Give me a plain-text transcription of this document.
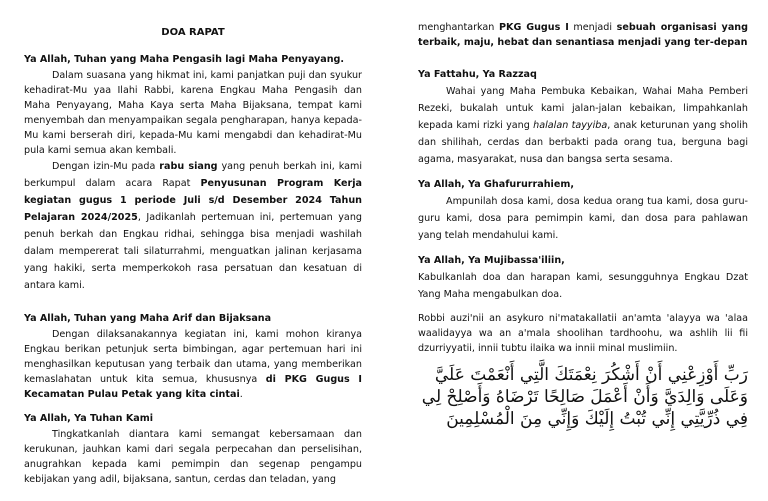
DOA RAPAT

Ya Allah, Tuhan yang Maha Pengasih lagi Maha Penyayang.

Dalam suasana yang hikmat ini, kami panjatkan puji dan syukur kehadirat-Mu yaa Ilahi Rabbi, karena Engkau Maha Pengasih dan Maha Penyayang, Maha Kaya serta Maha Bijaksana, tempat kami menyembah dan menyampaikan segala pengharapan, hanya kepada-Mu kami berserah diri, kepada-Mu kami mengabdi dan kehadirat-Mu pula kami semua akan kembali.

Dengan izin-Mu pada rabu siang yang penuh berkah ini, kami berkumpul dalam acara Rapat Penyusunan Program Kerja kegiatan gugus 1 periode Juli s/d Desember 2024 Tahun Pelajaran 2024/2025, Jadikanlah pertemuan ini, pertemuan yang penuh berkah dan Engkau ridhai, sehingga bisa menjadi washilah dalam mempererat tali silaturrahmi, menguatkan jalinan kerjasama yang hakiki, serta memperkokoh rasa persatuan dan kesatuan di antara kami.

Ya Allah, Tuhan yang Maha Arif dan Bijaksana

Dengan dilaksanakannya kegiatan ini, kami mohon kiranya Engkau berikan petunjuk serta bimbingan, agar pertemuan hari ini menghasilkan keputusan yang terbaik dan utama, yang memberikan kemaslahatan untuk kita semua, khususnya di PKG Gugus I Kecamatan Pulau Petak yang kita cintai.

Ya Allah, Ya Tuhan Kami

Tingkatkanlah diantara kami semangat kebersamaan dan kerukunan, jauhkan kami dari segala perpecahan dan perselisihan, anugrahkan kepada kami pemimpin dan segenap pengampu kebijakan yang adil, bijaksana, santun, cerdas dan teladan, yang

menghantarkan PKG Gugus I menjadi sebuah organisasi yang terbaik, maju, hebat dan senantiasa menjadi yang ter-depan

Ya Fattahu, Ya Razzaq

Wahai yang Maha Pembuka Kebaikan, Wahai Maha Pemberi Rezeki, bukalah untuk kami jalan-jalan kebaikan, limpahkanlah kepada kami rizki yang halalan tayyiba, anak keturunan yang sholih dan shilihah, cerdas dan berbakti pada orang tua, berguna bagi agama, masyarakat, nusa dan bangsa serta sesama.

Ya Allah, Ya Ghafururrahiem,

Ampunilah dosa kami, dosa kedua orang tua kami, dosa guru-guru kami, dosa para pemimpin kami, dan dosa para pahlawan yang telah mendahului kami.

Ya Allah, Ya Mujibassa'iliin,

Kabulkanlah doa dan harapan kami, sesungguhnya Engkau Dzat Yang Maha mengabulkan doa.

Robbi auzi'nii an asykuro ni'matakallatii an'amta 'alayya wa 'alaa waalidayya wa an a'mala shoolihan tardhoohu, wa ashlih lii fii dzurriyyatii, innii tubtu ilaika wa innii minal muslimiin.

رَبِّ أَوْزِعْنِي أَنْ أَشْكُرَ نِعْمَتَكَ الَّتِي أَنْعَمْتَ عَلَيَّ وَعَلَى وَالِدَيَّ وَأَنْ أَعْمَلَ صَالِحًا تَرْضَاهُ وَأَصْلِحْ لِي فِي ذُرِّيَّتِي إِنِّي تُبْتُ إِلَيْكَ وَإِنِّي مِنَ الْمُسْلِمِينَ
